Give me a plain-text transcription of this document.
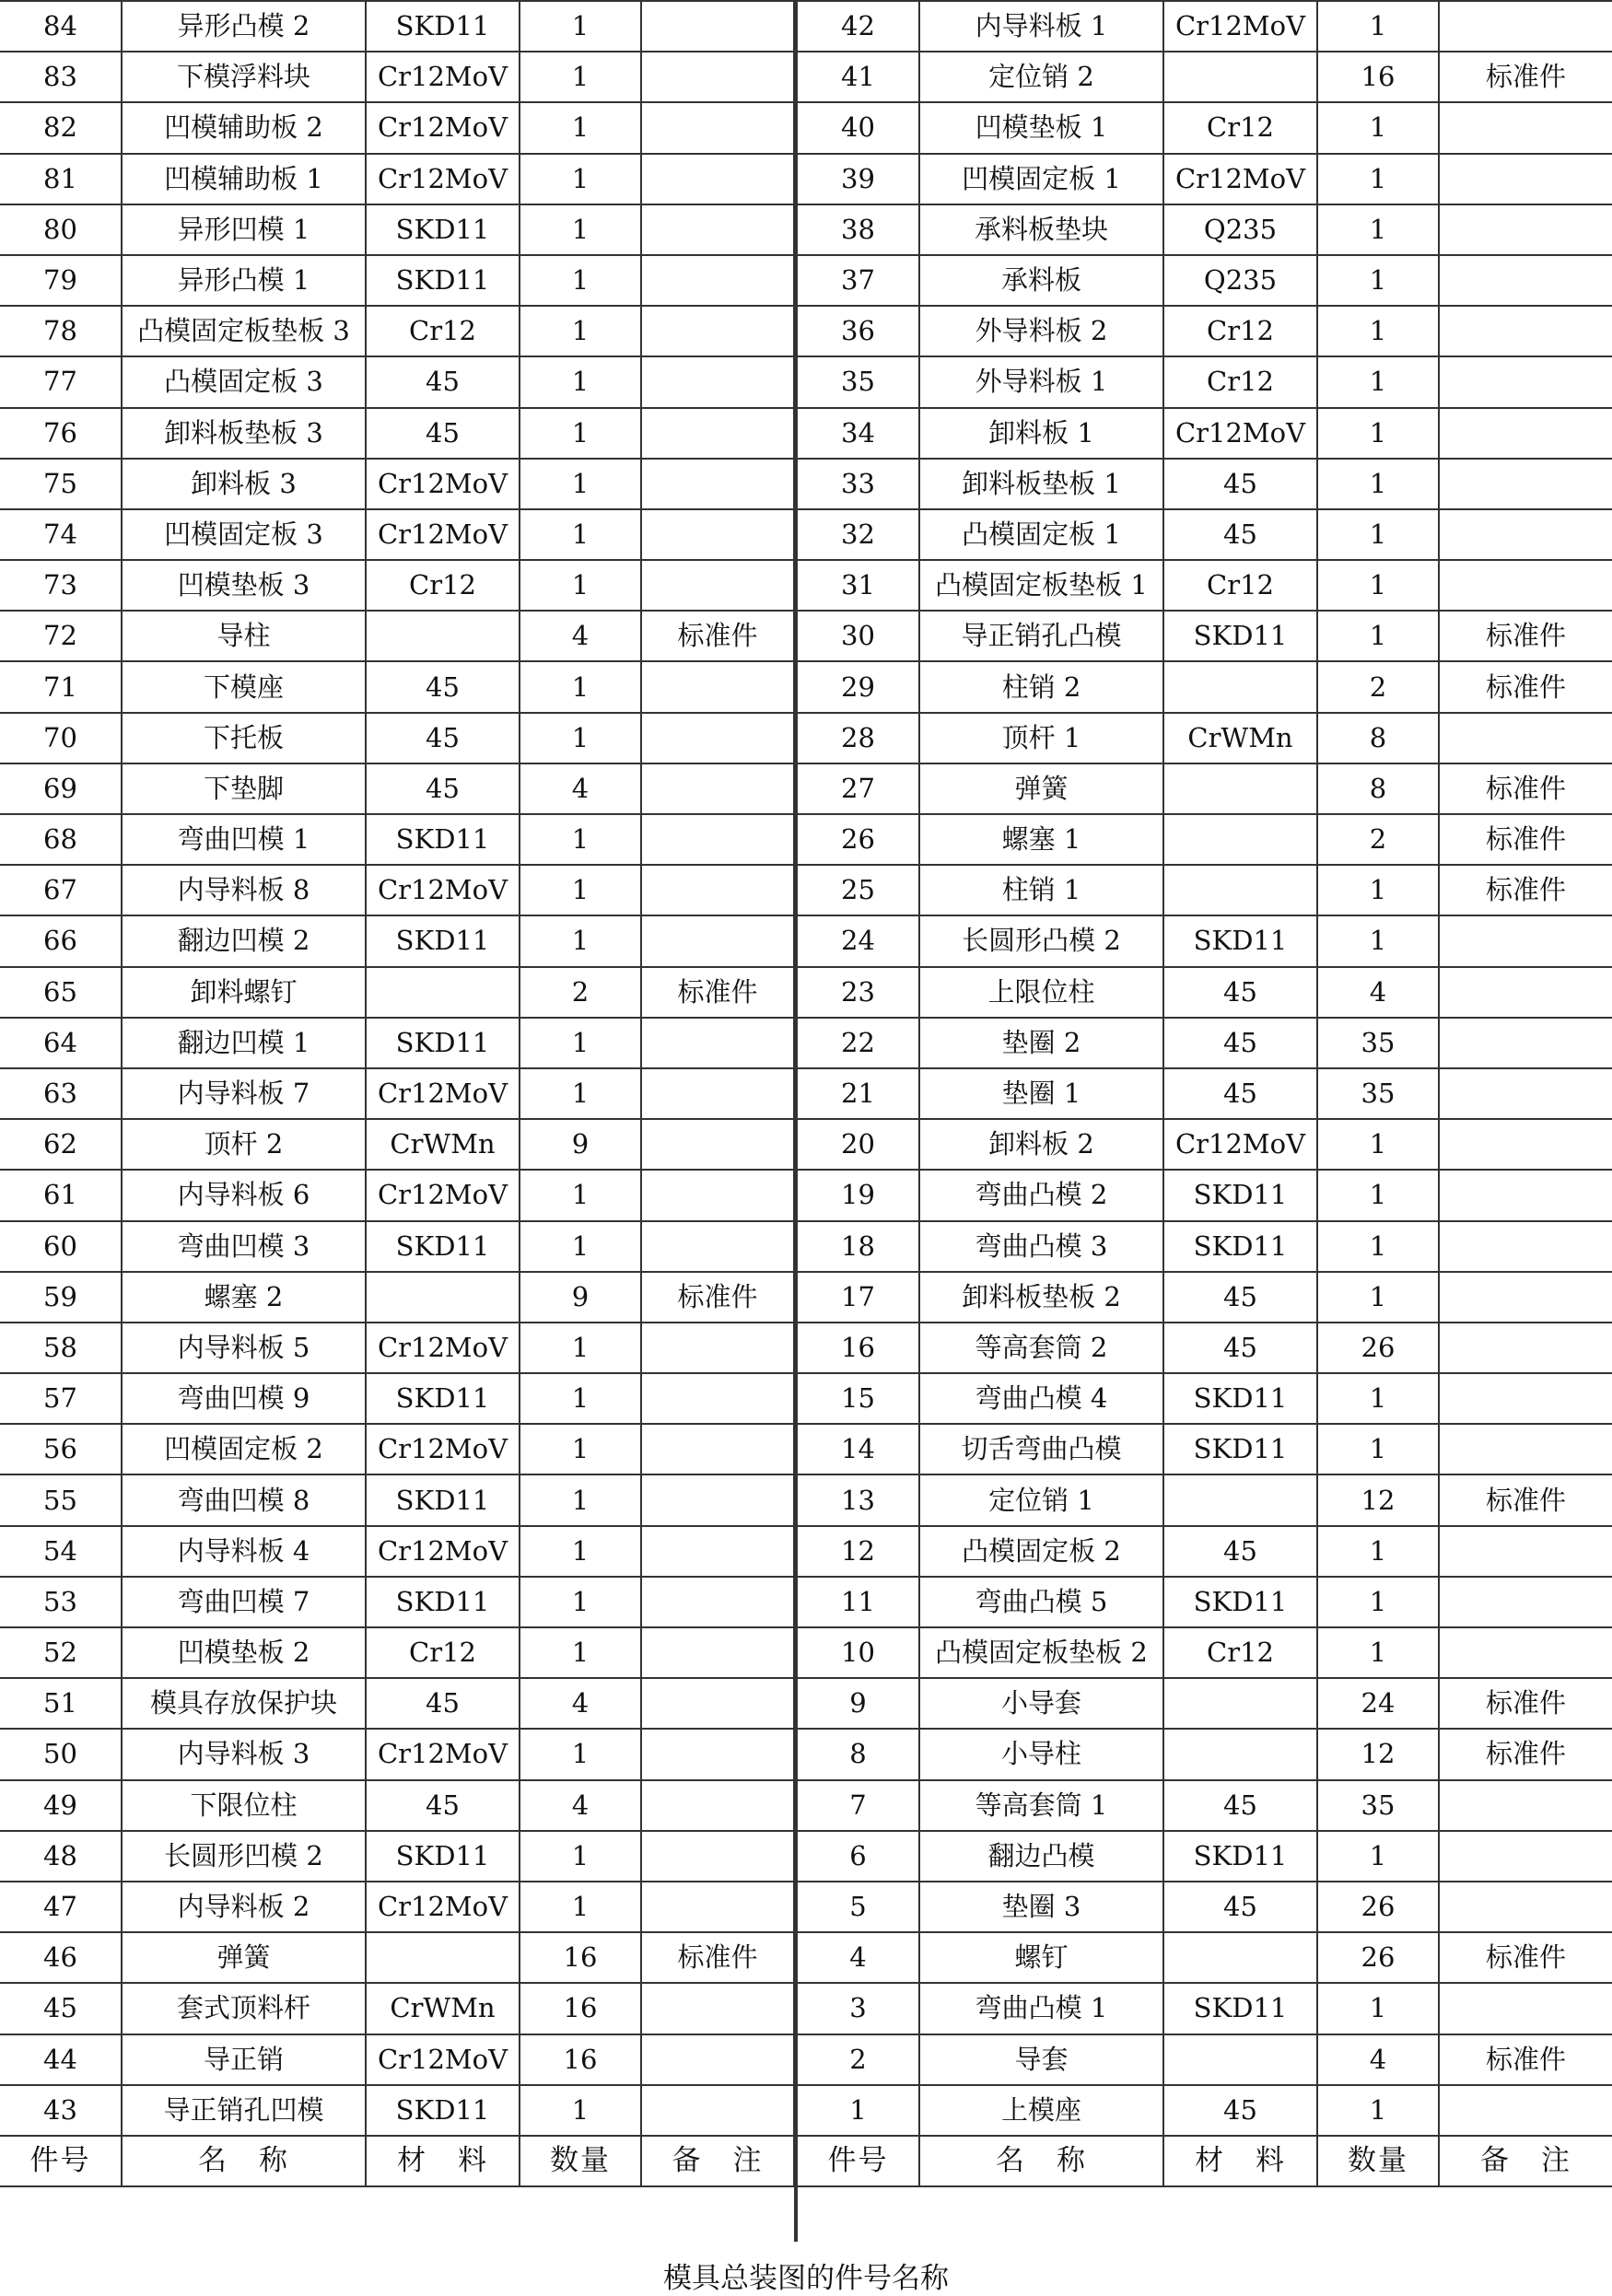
84	异形凸模 2	SKD11	1	
83	下模浮料块	Cr12MoV	1	
82	凹模辅助板 2	Cr12MoV	1	
81	凹模辅助板 1	Cr12MoV	1	
80	异形凹模 1	SKD11	1	
79	异形凸模 1	SKD11	1	
78	凸模固定板垫板 3	Cr12	1	
77	凸模固定板 3	45	1	
76	卸料板垫板 3	45	1	
75	卸料板 3	Cr12MoV	1	
74	凹模固定板 3	Cr12MoV	1	
73	凹模垫板 3	Cr12	1	
72	导柱		4	标准件
71	下模座	45	1	
70	下托板	45	1	
69	下垫脚	45	4	
68	弯曲凹模 1	SKD11	1	
67	内导料板 8	Cr12MoV	1	
66	翻边凹模 2	SKD11	1	
65	卸料螺钉		2	标准件
64	翻边凹模 1	SKD11	1	
63	内导料板 7	Cr12MoV	1	
62	顶杆 2	CrWMn	9	
61	内导料板 6	Cr12MoV	1	
60	弯曲凹模 3	SKD11	1	
59	螺塞 2		9	标准件
58	内导料板 5	Cr12MoV	1	
57	弯曲凹模 9	SKD11	1	
56	凹模固定板 2	Cr12MoV	1	
55	弯曲凹模 8	SKD11	1	
54	内导料板 4	Cr12MoV	1	
53	弯曲凹模 7	SKD11	1	
52	凹模垫板 2	Cr12	1	
51	模具存放保护块	45	4	
50	内导料板 3	Cr12MoV	1	
49	下限位柱	45	4	
48	长圆形凹模 2	SKD11	1	
47	内导料板 2	Cr12MoV	1	
46	弹簧		16	标准件
45	套式顶料杆	CrWMn	16	
44	导正销	Cr12MoV	16	
43	导正销孔凹模	SKD11	1	
件号	名　称	材　料	数量	备　注
42	内导料板 1	Cr12MoV	1	
41	定位销 2		16	标准件
40	凹模垫板 1	Cr12	1	
39	凹模固定板 1	Cr12MoV	1	
38	承料板垫块	Q235	1	
37	承料板	Q235	1	
36	外导料板 2	Cr12	1	
35	外导料板 1	Cr12	1	
34	卸料板 1	Cr12MoV	1	
33	卸料板垫板 1	45	1	
32	凸模固定板 1	45	1	
31	凸模固定板垫板 1	Cr12	1	
30	导正销孔凸模	SKD11	1	标准件
29	柱销 2		2	标准件
28	顶杆 1	CrWMn	8	
27	弹簧		8	标准件
26	螺塞 1		2	标准件
25	柱销 1		1	标准件
24	长圆形凸模 2	SKD11	1	
23	上限位柱	45	4	
22	垫圈 2	45	35	
21	垫圈 1	45	35	
20	卸料板 2	Cr12MoV	1	
19	弯曲凸模 2	SKD11	1	
18	弯曲凸模 3	SKD11	1	
17	卸料板垫板 2	45	1	
16	等高套筒 2	45	26	
15	弯曲凸模 4	SKD11	1	
14	切舌弯曲凸模	SKD11	1	
13	定位销 1		12	标准件
12	凸模固定板 2	45	1	
11	弯曲凸模 5	SKD11	1	
10	凸模固定板垫板 2	Cr12	1	
9	小导套		24	标准件
8	小导柱		12	标准件
7	等高套筒 1	45	35	
6	翻边凸模	SKD11	1	
5	垫圈 3	45	26	
4	螺钉		26	标准件
3	弯曲凸模 1	SKD11	1	
2	导套		4	标准件
1	上模座	45	1	
件号	名　称	材　料	数量	备　注
模具总装图的件号名称
